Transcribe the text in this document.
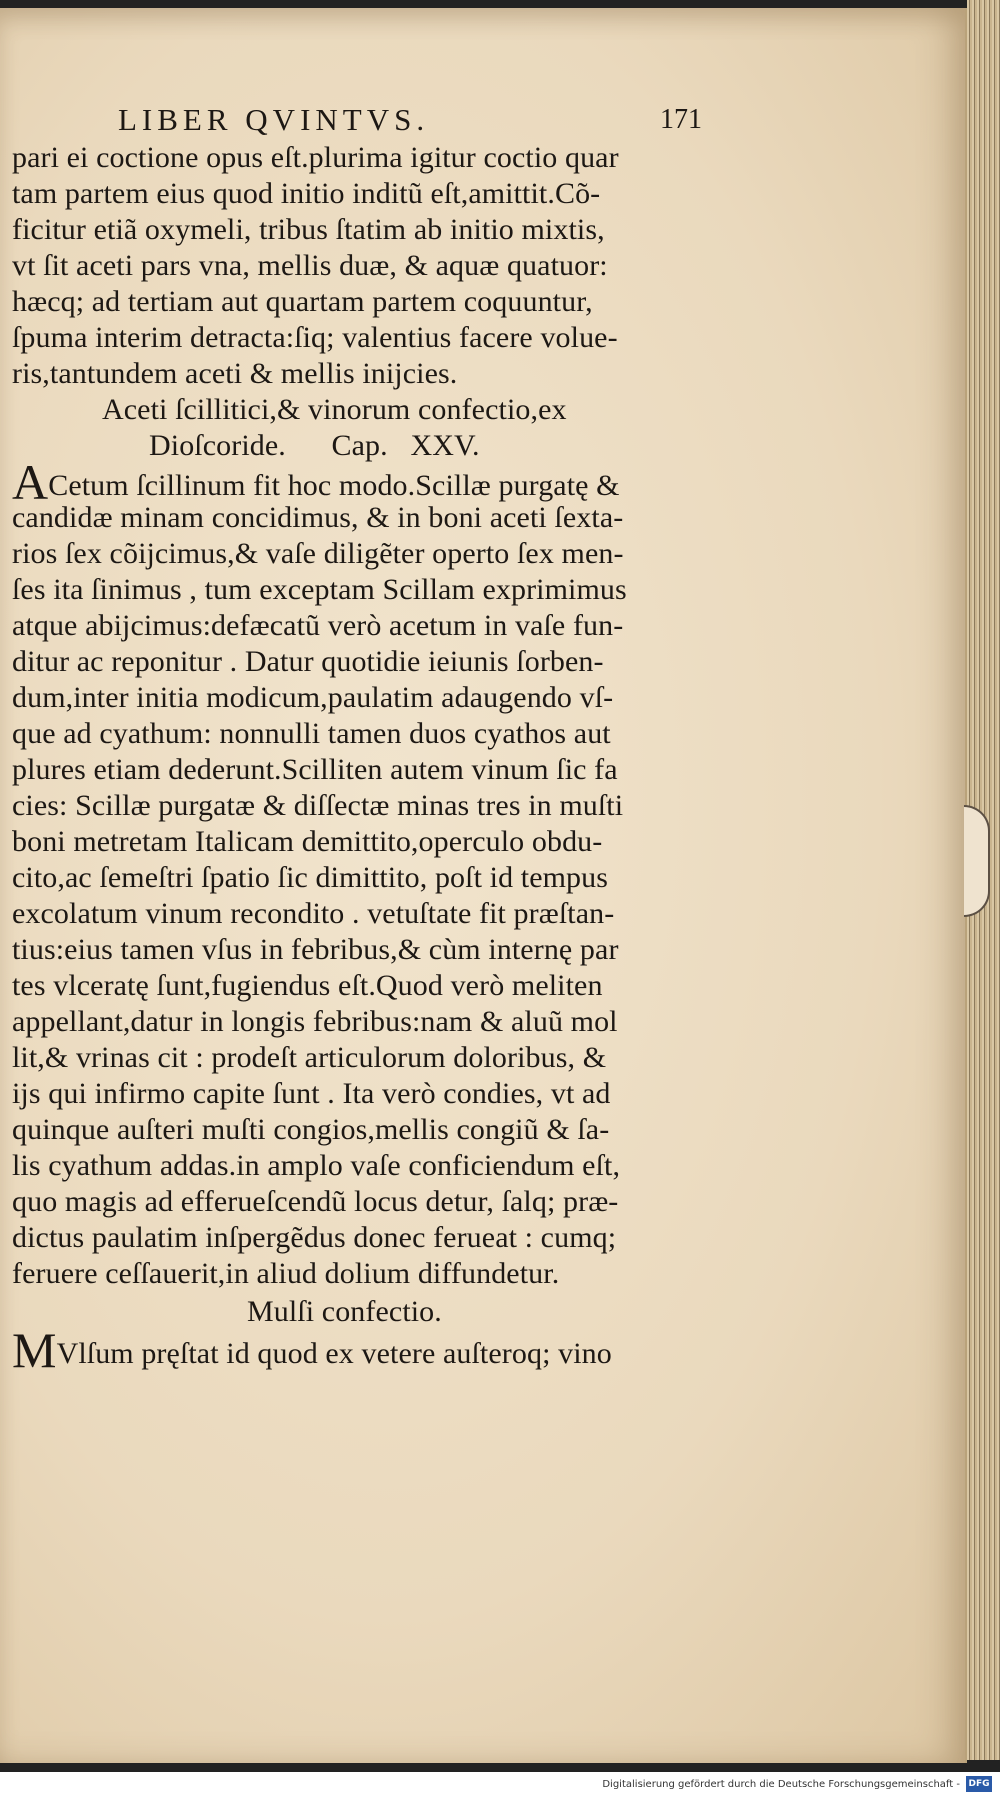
LIBER QVINTVS.	171
pari ei coctione opus eſt.plurima igitur coctio quar
tam partem eius quod initio inditũ eſt,amittit.Cõ-
ficitur etiã oxymeli, tribus ſtatim ab initio mixtis,
vt ſit aceti pars vna, mellis duæ, & aquæ quatuor:
hæcq; ad tertiam aut quartam partem coquuntur,
ſpuma interim detracta:ſiq; valentius facere volue-
ris,tantundem aceti & mellis inijcies.
Aceti ſcillitici,& vinorum confectio,ex
Dioſcoride.      Cap.   XXV.
ACetum ſcillinum fit hoc modo.Scillæ purgatę &
candidæ minam concidimus, & in boni aceti ſexta-
rios ſex cõijcimus,& vaſe diligẽter operto ſex men-
ſes ita ſinimus , tum exceptam Scillam exprimimus
atque abijcimus:defæcatũ verò acetum in vaſe fun-
ditur ac reponitur . Datur quotidie ieiunis ſorben-
dum,inter initia modicum,paulatim adaugendo vſ-
que ad cyathum: nonnulli tamen duos cyathos aut
plures etiam dederunt.Scilliten autem vinum ſic fa
cies: Scillæ purgatæ & diſſectæ minas tres in muſti
boni metretam Italicam demittito,operculo obdu-
cito,ac ſemeſtri ſpatio ſic dimittito, poſt id tempus
excolatum vinum recondito . vetuſtate fit præſtan-
tius:eius tamen vſus in febribus,& cùm internę par
tes vlceratę ſunt,fugiendus eſt.Quod verò meliten
appellant,datur in longis febribus:nam & aluũ mol
lit,& vrinas cit : prodeſt articulorum doloribus, &
ijs qui infirmo capite ſunt . Ita verò condies, vt ad
quinque auſteri muſti congios,mellis congiũ & ſa-
lis cyathum addas.in amplo vaſe conficiendum eſt,
quo magis ad efferueſcendũ locus detur, ſalq; præ-
dictus paulatim inſpergẽdus donec ferueat : cumq;
feruere ceſſauerit,in aliud dolium diffundetur.
Mulſi confectio.
MVlſum pręſtat id quod ex vetere auſteroq; vino
Digitalisierung gefördert durch die Deutsche Forschungsgemeinschaft - DFG
